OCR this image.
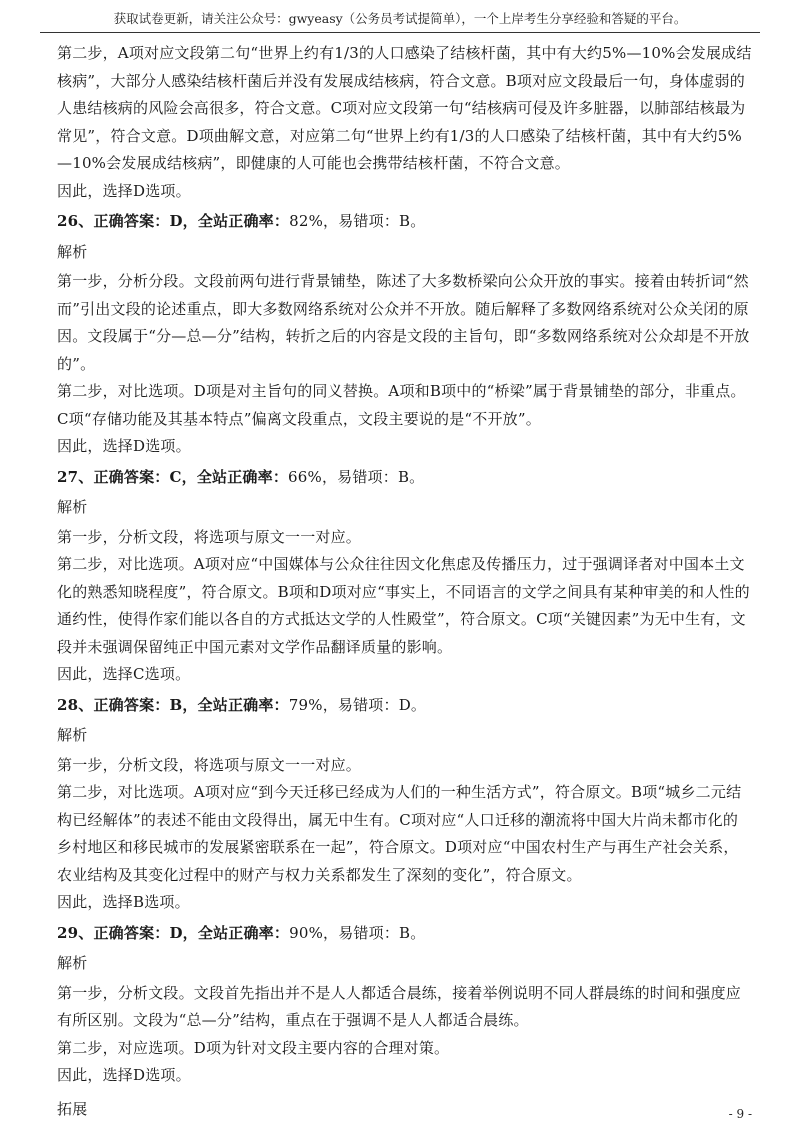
获取试卷更新，请关注公众号：gwyeasy（公务员考试提简单），一个上岸考生分享经验和答疑的平台。

第二步，A项对应文段第二句“世界上约有1/3的人口感染了结核杆菌，其中有大约5%—10%会发展成结核病”，大部分人感染结核杆菌后并没有发展成结核病，符合文意。B项对应文段最后一句，身体虚弱的人患结核病的风险会高很多，符合文意。C项对应文段第一句“结核病可侵及许多脏器，以肺部结核最为常见”，符合文意。D项曲解文意，对应第二句“世界上约有1/3的人口感染了结核杆菌，其中有大约5%—10%会发展成结核病”，即健康的人可能也会携带结核杆菌，不符合文意。

因此，选择D选项。

26、正确答案：D，全站正确率：82%，易错项：B。

解析

第一步，分析分段。文段前两句进行背景铺垫，陈述了大多数桥梁向公众开放的事实。接着由转折词“然而”引出文段的论述重点，即大多数网络系统对公众并不开放。随后解释了多数网络系统对公众关闭的原因。文段属于“分—总—分”结构，转折之后的内容是文段的主旨句，即“多数网络系统对公众却是不开放的”。

第二步，对比选项。D项是对主旨句的同义替换。A项和B项中的“桥梁”属于背景铺垫的部分，非重点。C项“存储功能及其基本特点”偏离文段重点，文段主要说的是“不开放”。

因此，选择D选项。

27、正确答案：C，全站正确率：66%，易错项：B。

解析

第一步，分析文段，将选项与原文一一对应。

第二步，对比选项。A项对应“中国媒体与公众往往因文化焦虑及传播压力，过于强调译者对中国本土文化的熟悉知晓程度”，符合原文。B项和D项对应“事实上，不同语言的文学之间具有某种审美的和人性的通约性，使得作家们能以各自的方式抵达文学的人性殿堂”，符合原文。C项“关键因素”为无中生有，文段并未强调保留纯正中国元素对文学作品翻译质量的影响。

因此，选择C选项。

28、正确答案：B，全站正确率：79%，易错项：D。

解析

第一步，分析文段，将选项与原文一一对应。

第二步，对比选项。A项对应“到今天迁移已经成为人们的一种生活方式”，符合原文。B项“城乡二元结构已经解体”的表述不能由文段得出，属无中生有。C项对应“人口迁移的潮流将中国大片尚未都市化的乡村地区和移民城市的发展紧密联系在一起”，符合原文。D项对应“中国农村生产与再生产社会关系，农业结构及其变化过程中的财产与权力关系都发生了深刻的变化”，符合原文。

因此，选择B选项。

29、正确答案：D，全站正确率：90%，易错项：B。

解析

第一步，分析文段。文段首先指出并不是人人都适合晨练，接着举例说明不同人群晨练的时间和强度应有所区别。文段为“总—分”结构，重点在于强调不是人人都适合晨练。

第二步，对应选项。D项为针对文段主要内容的合理对策。

因此，选择D选项。

拓展	- 9 -
